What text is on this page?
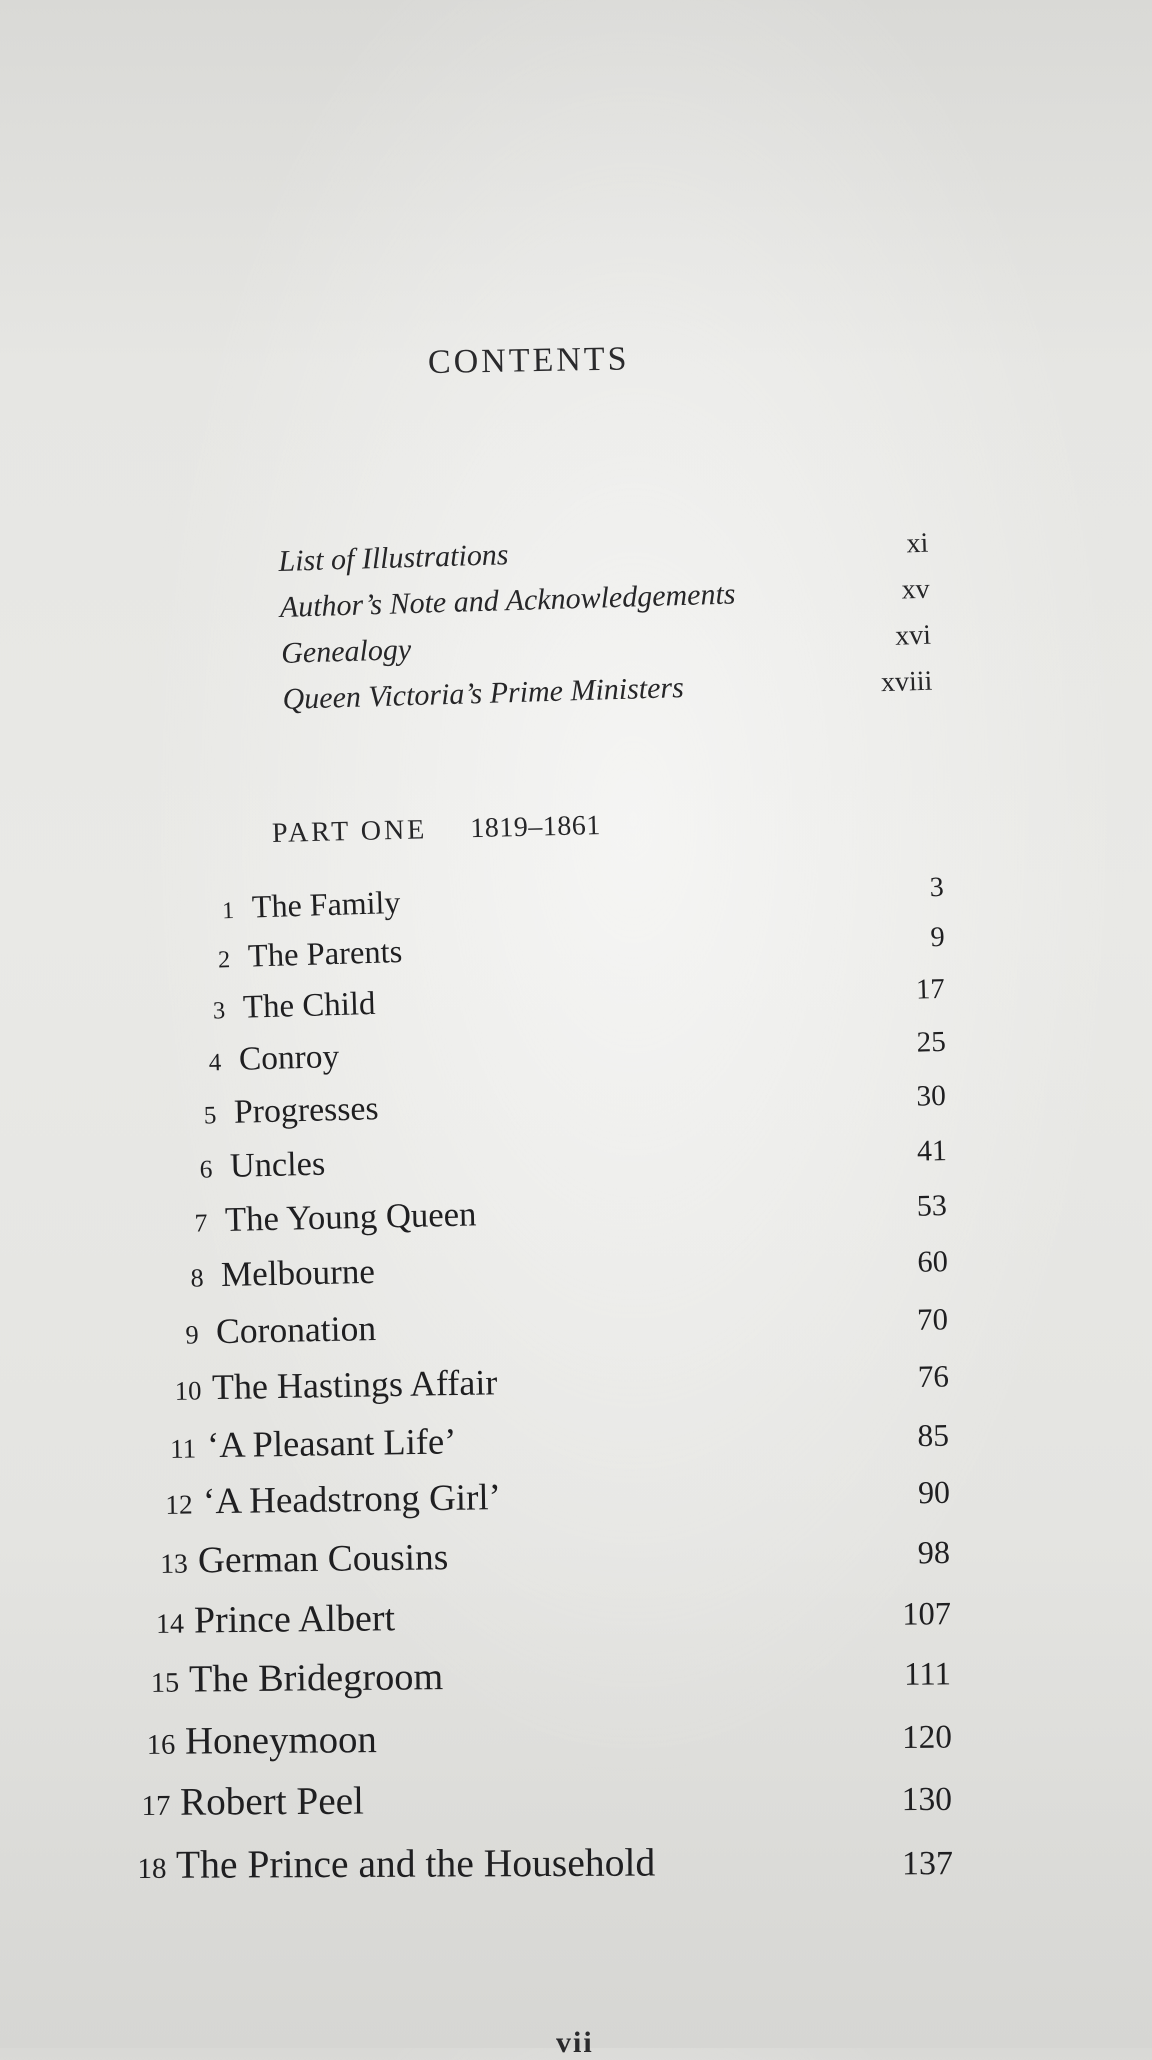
CONTENTS
List of Illustrations	xi
Author’s Note and Acknowledgements	xv
Genealogy	xvi
Queen Victoria’s Prime Ministers	xviii
PART ONE 1819–1861
1 The Family	3
2 The Parents	9
3 The Child	17
4 Conroy	25
5 Progresses	30
6 Uncles	41
7 The Young Queen	53
8 Melbourne	60
9 Coronation	70
10 The Hastings Affair	76
11 ‘A Pleasant Life’	85
12 ‘A Headstrong Girl’	90
13 German Cousins	98
14 Prince Albert	107
15 The Bridegroom	111
16 Honeymoon	120
17 Robert Peel	130
18 The Prince and the Household	137
vii
